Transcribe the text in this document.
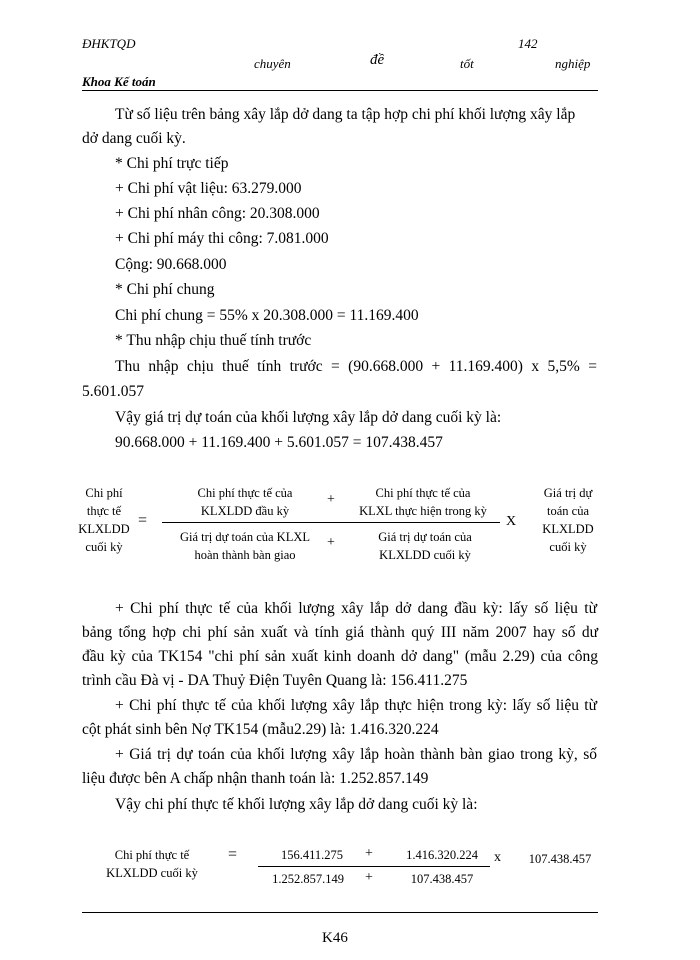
ĐHKTQD
chuyên	đề	tốt
142
nghiệp
Khoa Kế toán
Từ số liệu trên bảng xây lắp dở dang ta tập hợp chi phí khối lượng xây lắp
dở dang cuối kỳ.
* Chi phí trực tiếp
+ Chi phí vật liệu: 63.279.000
+ Chi phí nhân công: 20.308.000
+ Chi phí máy thi công: 7.081.000
Cộng: 90.668.000
* Chi phí chung
Chi phí chung = 55% x 20.308.000 = 11.169.400
* Thu nhập chịu thuế tính trước
Thu nhập chịu thuế tính trước = (90.668.000 + 11.169.400) x 5,5% =
5.601.057
Vậy giá trị dự toán của khối lượng xây lắp dở dang cuối kỳ là:
90.668.000 + 11.169.400 + 5.601.057 = 107.438.457
Chi phí
thực tế
KLXLDD
cuối kỳ
=
Chi phí thực tế của
KLXLDD đầu kỳ
+	Chi phí thực tế của
KLXL thực hiện trong kỳ
Giá trị dự toán của KLXL
hoàn thành bàn giao
+	Giá trị dự toán của
KLXLDD cuối kỳ
X
Giá trị dự
toán của
KLXLDD
cuối kỳ
+ Chi phí thực tế của khối lượng xây lắp dở dang đầu kỳ: lấy số liệu từ
bảng tổng hợp chi phí sản xuất và tính giá thành quý III năm 2007 hay số dư
đầu kỳ của TK154 "chi phí sản xuất kinh doanh dở dang" (mẫu 2.29) của công
trình cầu Đà vị - DA Thuỷ Điện Tuyên Quang là: 156.411.275
+ Chi phí thực tế của khối lượng xây lắp thực hiện trong kỳ: lấy số liệu từ
cột phát sinh bên Nợ TK154 (mẫu2.29) là: 1.416.320.224
+ Giá trị dự toán của khối lượng xây lắp hoàn thành bàn giao trong kỳ, số
liệu được bên A chấp nhận thanh toán là: 1.252.857.149
Vậy chi phí thực tế khối lượng xây lắp dở dang cuối kỳ là:
Chi phí thực tế
KLXLDD cuối kỳ
=	156.411.275	+	1.416.320.224
1.252.857.149	+	107.438.457
x	107.438.457
K46
